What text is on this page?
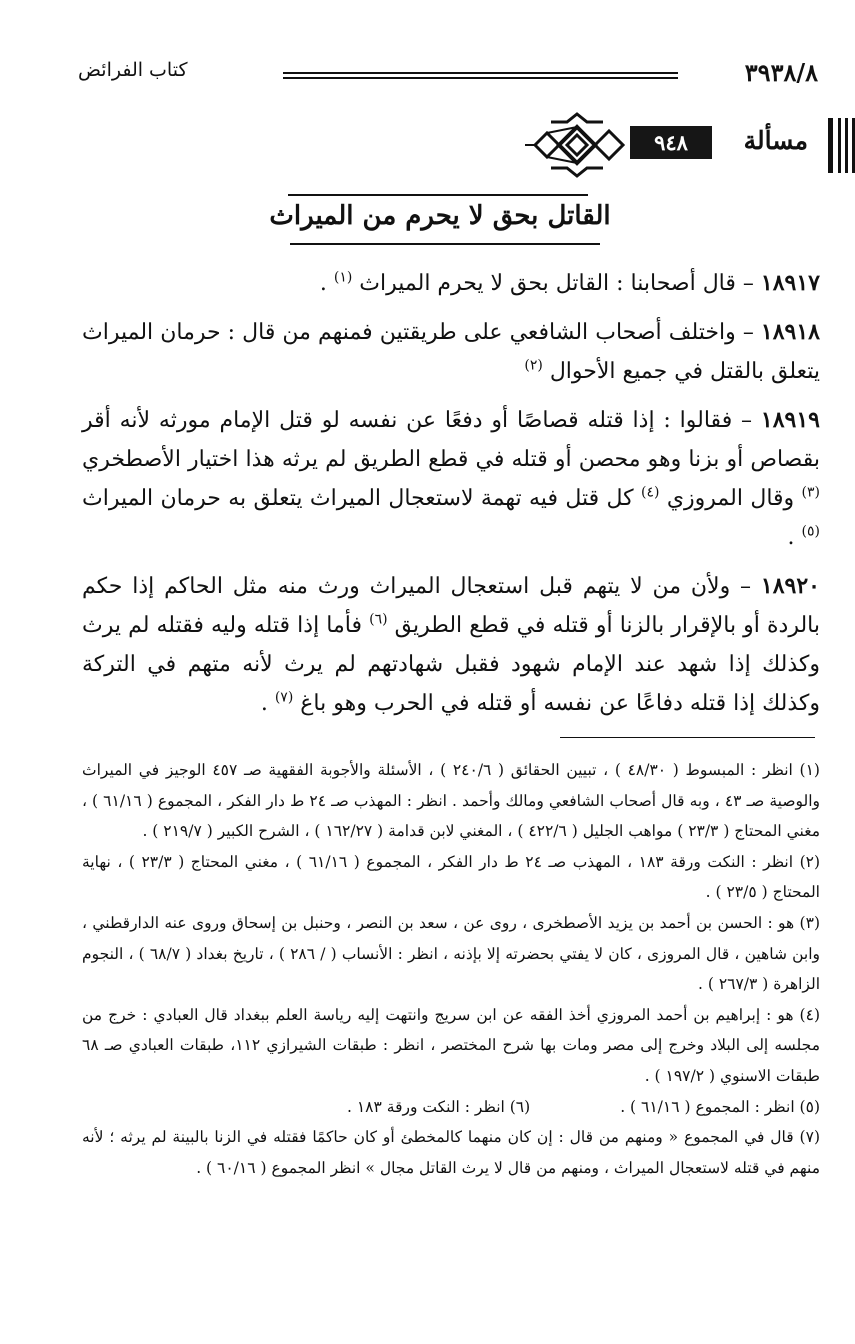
٣٩٣٨/٨
كتاب الفرائض
مسألة
٩٤٨
القاتل بحق لا يحرم من الميراث

١٨٩١٧ – قال أصحابنا : القاتل بحق لا يحرم الميراث $^{(١)}$ .

١٨٩١٨ – واختلف أصحاب الشافعي على طريقتين فمنهم من قال : حرمان الميراث يتعلق بالقتل في جميع الأحوال $^{(٢)}$

١٨٩١٩ – فقالوا : إذا قتله قصاصًا أو دفعًا عن نفسه لو قتل الإمام مورثه لأنه أقر بقصاص أو بزنا وهو محصن أو قتله في قطع الطريق لم يرثه هذا اختيار الأصطخري $^{(٣)}$ وقال المروزي $^{(٤)}$ كل قتل فيه تهمة لاستعجال الميراث يتعلق به حرمان الميراث $^{(٥)}$ .

١٨٩٢٠ – ولأن من لا يتهم قبل استعجال الميراث ورث منه مثل الحاكم إذا حكم بالردة أو بالإقرار بالزنا أو قتله في قطع الطريق $^{(٦)}$ فأما إذا قتله وليه فقتله لم يرث وكذلك إذا شهد عند الإمام شهود فقبل شهادتهم لم يرث لأنه متهم في التركة وكذلك إذا قتله دفاعًا عن نفسه أو قتله في الحرب وهو باغ $^{(٧)}$ .

(١) انظر : المبسوط ( ٤٨/٣٠ ) ، تبيين الحقائق ( ٢٤٠/٦ ) ، الأسئلة والأجوبة الفقهية صـ ٤٥٧ الوجيز في الميراث والوصية صـ ٤٣ ، وبه قال أصحاب الشافعي ومالك وأحمد . انظر : المهذب صـ ٢٤ ط دار الفكر ، المجموع ( ٦١/١٦ ) ، مغني المحتاج ( ٢٣/٣ ) مواهب الجليل ( ٤٢٢/٦ ) ، المغني لابن قدامة ( ١٦٢/٢٧ ) ، الشرح الكبير ( ٢١٩/٧ ) .

(٢) انظر : النكت ورقة ١٨٣ ، المهذب صـ ٢٤ ط دار الفكر ، المجموع ( ٦١/١٦ ) ، مغني المحتاج ( ٢٣/٣ ) ، نهاية المحتاج ( ٢٣/٥ ) .

(٣) هو : الحسن بن أحمد بن يزيد الأصطخرى ، روى عن ، سعد بن النصر ، وحنبل بن إسحاق وروى عنه الدارقطني ، وابن شاهين ، قال المروزى ، كان لا يفتي بحضرته إلا بإذنه ، انظر : الأنساب ( / ٢٨٦ ) ، تاريخ بغداد ( ٦٨/٧ ) ، النجوم الزاهرة ( ٢٦٧/٣ ) .

(٤) هو : إبراهيم بن أحمد المروزي أخذ الفقه عن ابن سريج وانتهت إليه رياسة العلم ببغداد قال العبادي : خرج من مجلسه إلى البلاد وخرج إلى مصر ومات بها شرح المختصر ، انظر : طبقات الشيرازي ١١٢، طبقات العبادي صـ ٦٨ طبقات الاسنوي ( ١٩٧/٢ ) .

(٥) انظر : المجموع ( ٦١/١٦ ) .
(٦) انظر : النكت ورقة ١٨٣ .

(٧) قال في المجموع « ومنهم من قال : إن كان منهما كالمخطئ أو كان حاكمًا فقتله في الزنا بالبينة لم يرثه ؛ لأنه منهم في قتله لاستعجال الميراث ، ومنهم من قال لا يرث القاتل مجال » انظر المجموع ( ٦٠/١٦ ) .
